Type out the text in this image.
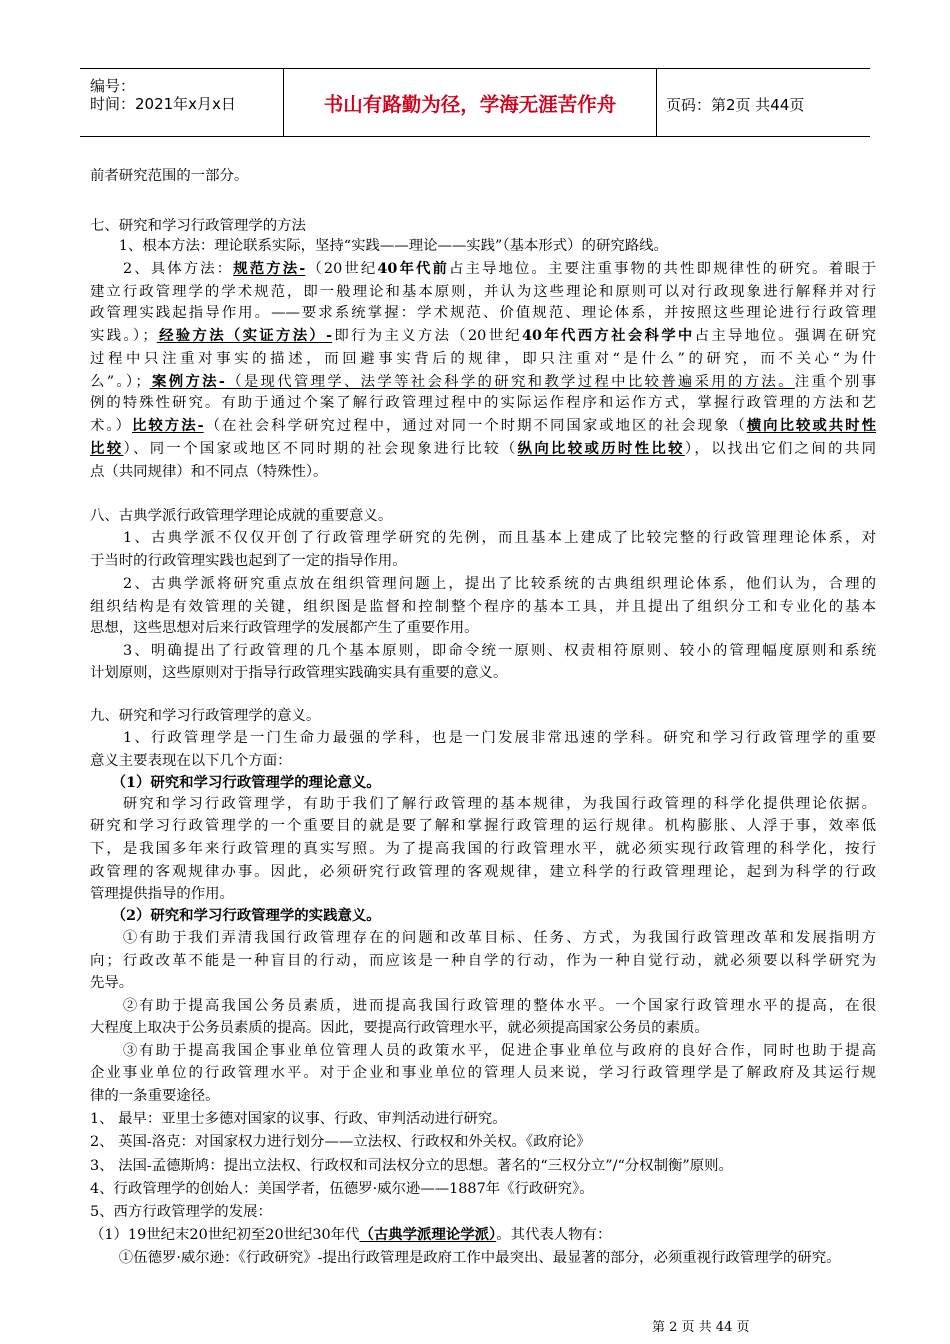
编号：
时间：2021年x月x日	书山有路勤为径，学海无涯苦作舟	页码：第2页 共44页
前者研究范围的一部分。
七、研究和学习行政管理学的方法
　　1、根本方法：理论联系实际，坚持“实践——理论——实践”（基本形式）的研究路线。
　　2、具体方法：规范方法-（20世纪40年代前占主导地位。主要注重事物的共性即规律性的研究。着眼于
建立行政管理学的学术规范，即一般理论和基本原则，并认为这些理论和原则可以对行政现象进行解释并对行
政管理实践起指导作用。——要求系统掌握：学术规范、价值规范、理论体系，并按照这些理论进行行政管理
实践。）；经验方法（实证方法）-即行为主义方法（20世纪40年代西方社会科学中占主导地位。强调在研究
过程中只注重对事实的描述，而回避事实背后的规律，即只注重对“是什么”的研究，而不关心“为什
么”。）；案例方法-（是现代管理学、法学等社会科学的研究和教学过程中比较普遍采用的方法。注重个别事
例的特殊性研究。有助于通过个案了解行政管理过程中的实际运作程序和运作方式，掌握行政管理的方法和艺
术。）比较方法-（在社会科学研究过程中，通过对同一个时期不同国家或地区的社会现象（横向比较或共时性
比较）、同一个国家或地区不同时期的社会现象进行比较（纵向比较或历时性比较），以找出它们之间的共同
点（共同规律）和不同点（特殊性）。
八、古典学派行政管理学理论成就的重要意义。
　　1、古典学派不仅仅开创了行政管理学研究的先例，而且基本上建成了比较完整的行政管理理论体系，对
于当时的行政管理实践也起到了一定的指导作用。
　　2、古典学派将研究重点放在组织管理问题上，提出了比较系统的古典组织理论体系，他们认为，合理的
组织结构是有效管理的关键，组织图是监督和控制整个程序的基本工具，并且提出了组织分工和专业化的基本
思想，这些思想对后来行政管理学的发展都产生了重要作用。
　　3、明确提出了行政管理的几个基本原则，即命令统一原则、权责相符原则、较小的管理幅度原则和系统
计划原则，这些原则对于指导行政管理实践确实具有重要的意义。
九、研究和学习行政管理学的意义。
　　1、行政管理学是一门生命力最强的学科，也是一门发展非常迅速的学科。研究和学习行政管理学的重要
意义主要表现在以下几个方面：
　　（1）研究和学习行政管理学的理论意义。
　　研究和学习行政管理学，有助于我们了解行政管理的基本规律，为我国行政管理的科学化提供理论依据。
研究和学习行政管理学的一个重要目的就是要了解和掌握行政管理的运行规律。机构膨胀、人浮于事，效率低
下，是我国多年来行政管理的真实写照。为了提高我国的行政管理水平，就必须实现行政管理的科学化，按行
政管理的客观规律办事。因此，必须研究行政管理的客观规律，建立科学的行政管理理论，起到为科学的行政
管理提供指导的作用。
　　（2）研究和学习行政管理学的实践意义。
　　①有助于我们弄清我国行政管理存在的问题和改革目标、任务、方式，为我国行政管理改革和发展指明方
向；行政改革不能是一种盲目的行动，而应该是一种自学的行动，作为一种自觉行动，就必须要以科学研究为
先导。
　　②有助于提高我国公务员素质，进而提高我国行政管理的整体水平。一个国家行政管理水平的提高，在很
大程度上取决于公务员素质的提高。因此，要提高行政管理水平，就必须提高国家公务员的素质。
　　③有助于提高我国企事业单位管理人员的政策水平，促进企事业单位与政府的良好合作，同时也助于提高
企业事业单位的行政管理水平。对于企业和事业单位的管理人员来说，学习行政管理学是了解政府及其运行规
律的一条重要途径。
1、 最早：亚里士多德对国家的议事、行政、审判活动进行研究。
2、 英国-洛克：对国家权力进行划分——立法权、行政权和外关权。《政府论》
3、 法国-孟德斯鸠：提出立法权、行政权和司法权分立的思想。著名的“三权分立”/“分权制衡”原则。
4、行政管理学的创始人：美国学者，伍德罗·威尔逊——1887年《行政研究》。
5、西方行政管理学的发展：
（1）19世纪末20世纪初至20世纪30年代（古典学派理论学派）。其代表人物有：
　　①伍德罗·威尔逊：《行政研究》-提出行政管理是政府工作中最突出、最显著的部分，必须重视行政管理学的研究。
第 2 页 共 44 页
